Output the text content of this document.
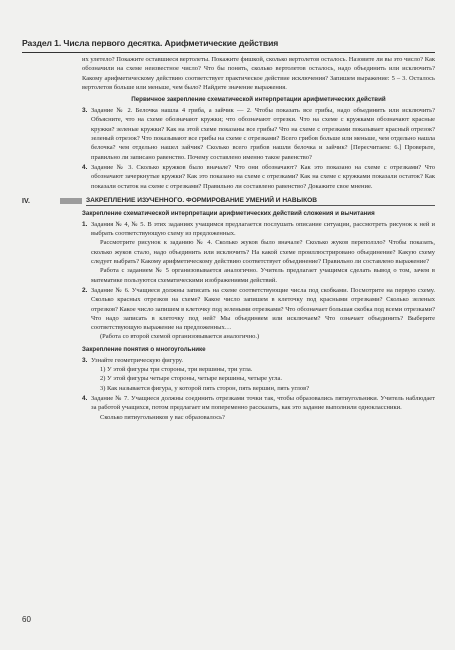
Раздел 1. Числа первого десятка. Арифметические действия
их улетело? Покажите оставшиеся вертолеты. Покажите фишкой, сколько вертолетов осталось. Назовите ли вы это число? Как обозначили на схеме неизвестное число? Что бы понять, сколько вертолетов осталось, надо объединить или исключить? Какому арифметическому действию соответствует практическое действие исключения? Запишем выражение: 5 – 3. Осталось вертолетов больше или меньше, чем было? Найдите значение выражения.
Первичное закрепление схематической интерпретации арифметических действий
3. Задание № 2. Белочка нашла 4 гриба, а зайчик — 2. Чтобы показать все грибы, надо объединить или исключить? Объясните, что на схеме обозначают кружки; что обозначают отрезки. Что на схеме с кружками обозначают красные кружки? зеленые кружки? Как на этой схеме показаны все грибы? Что на схеме с отрезками показывает красный отрезок? зеленый отрезок? Что показывают все грибы на схеме с отрезками? Всего грибов больше или меньше, чем отдельно нашла белочка? чем отдельно нашел зайчик? Сколько всего грибов нашли белочка и зайчик? [Пересчитаем: 6.] Проверьте, правильно ли записано равенство. Почему составлено именно такое равенство?
4. Задание № 3. Сколько кружков было вначале? Что они обозначают? Как это показано на схеме с отрезками? Что обозначают зачеркнутые кружки? Как это показано на схеме с отрезками? Как на схеме с кружками показали остаток? Как показали остаток на схеме с отрезками? Правильно ли составлено равенство? Докажите свое мнение.
IV.	ЗАКРЕПЛЕНИЕ ИЗУЧЕННОГО. ФОРМИРОВАНИЕ УМЕНИЙ И НАВЫКОВ
Закрепление схематической интерпретации арифметических действий сложения и вычитания
1. Задания № 4, № 5. В этих заданиях учащимся предлагается послушать описание ситуации, рассмотреть рисунок к ней и выбрать соответствующую схему из предложенных.
Рассмотрите рисунок к заданию № 4. Сколько жуков было вначале? Сколько жуков переползло? Чтобы показать, сколько жуков стало, надо объединить или исключить? На какой схеме проиллюстрировано объединение? Какую схему следует выбрать? Какому арифметическому действию соответствует объединение? Правильно ли составлено выражение?
Работа с заданием № 5 организовывается аналогично. Учитель предлагает учащимся сделать вывод о том, зачем в математике пользуются схематическими изображениями действий.
2. Задание № 6. Учащиеся должны записать на схеме соответствующие числа под скобками. Посмотрите на первую схему. Сколько красных отрезков на схеме? Какое число запишем в клеточку под красными отрезками? Сколько зеленых отрезков? Какое число запишем в клеточку под зелеными отрезками? Что обозначает большая скобка под всеми отрезками? Что надо записать в клеточку под ней? Мы объединяем или исключаем? Что означает объединить? Выберите соответствующую выражение на предложенных…
(Работа со второй схемой организовывается аналогично.)
Закрепление понятия о многоугольнике
3. Узнайте геометрическую фигуру.
1) У этой фигуры три стороны, три вершины, три угла.
2) У этой фигуры четыре стороны, четыре вершины, четыре угла.
3) Как называется фигура, у которой пять сторон, пять вершин, пять углов?
4. Задание № 7. Учащиеся должны соединить отрезками точки так, чтобы образовались пятиугольники. Учитель наблюдает за работой учащихся, потом предлагает им попеременно рассказать, как это задание выполнили одноклассники.
Сколько пятиугольников у вас образовалось?
60
